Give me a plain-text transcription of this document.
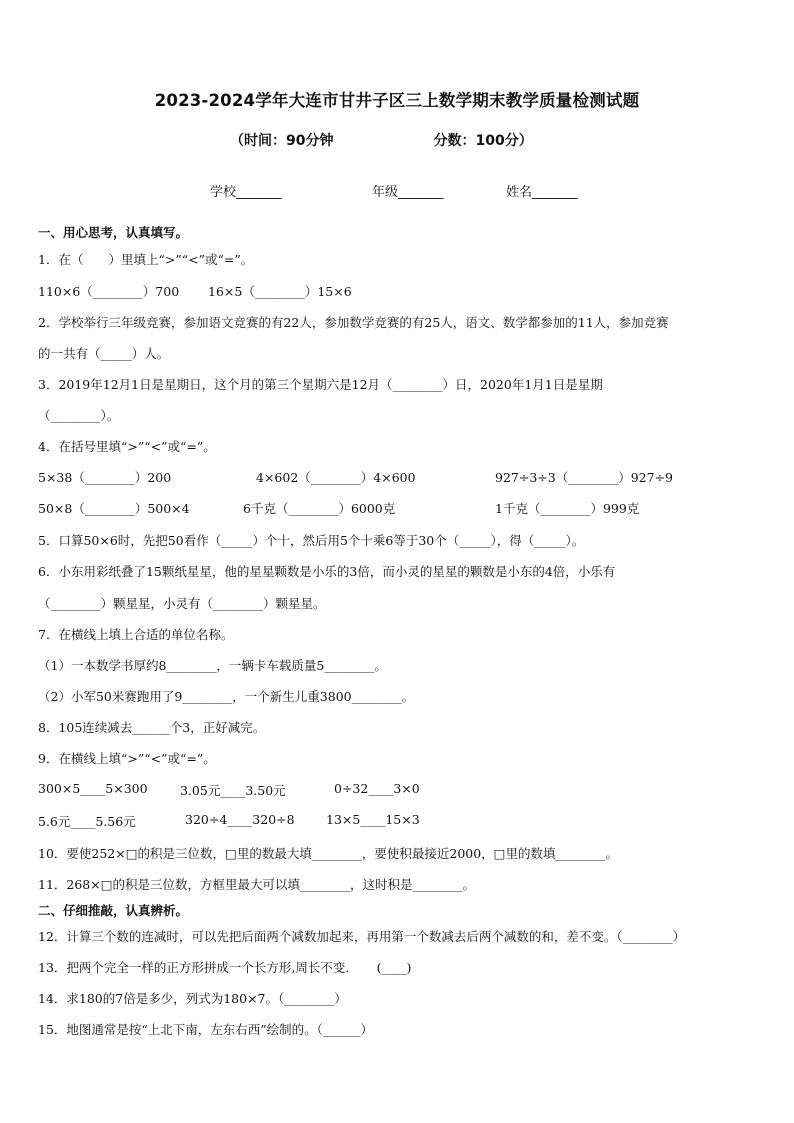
2023-2024学年大连市甘井子区三上数学期末教学质量检测试题
（时间：90分钟	分数：100分）
学校_______	年级_______	姓名_______
一、用心思考，认真填写。
1．在（　　）里填上“>”“<”或“=”。
110×6（________）700 16×5（________）15×6
2．学校举行三年级竞赛，参加语文竞赛的有22人，参加数学竞赛的有25人，语文、数学都参加的11人，参加竞赛
的一共有（_____）人。
3．2019年12月1日是星期日，这个月的第三个星期六是12月（________）日，2020年1月1日是星期
（________）。
4．在括号里填“>”“<”或“=”。
5×38（________）200	4×602（________）4×600	927÷3÷3（________）927÷9
50×8（________）500×4	6千克（________）6000克	1千克（________）999克
5．口算50×6时，先把50看作（_____）个十，然后用5个十乘6等于30个（_____），得（_____）。
6．小东用彩纸叠了15颗纸星星，他的星星颗数是小乐的3倍，而小灵的星星的颗数是小东的4倍，小乐有
（________）颗星星，小灵有（________）颗星星。
7．在横线上填上合适的单位名称。
（1）一本数学书厚约8________，一辆卡车载质量5________。
（2）小军50米赛跑用了9________，一个新生儿重3800________。
8．105连续减去______个3，正好减完。
9．在横线上填“>”“<”或“=”。
300×5____5×300	3.05元____3.50元	0÷32____3×0
5.6元____5.56元	320÷4____320÷8	13×5____15×3
10．要使252×□的积是三位数，□里的数最大填________，要使积最接近2000，□里的数填________。
11．268×□的积是三位数，方框里最大可以填________，这时积是________。
二、仔细推敲，认真辨析。
12．计算三个数的连减时，可以先把后面两个减数加起来，再用第一个数减去后两个减数的和，差不变。（________）
13．把两个完全一样的正方形拼成一个长方形,周长不变．　　(____)
14．求180的7倍是多少，列式为180×7。（________）
15．地图通常是按“上北下南，左东右西”绘制的。（______）
